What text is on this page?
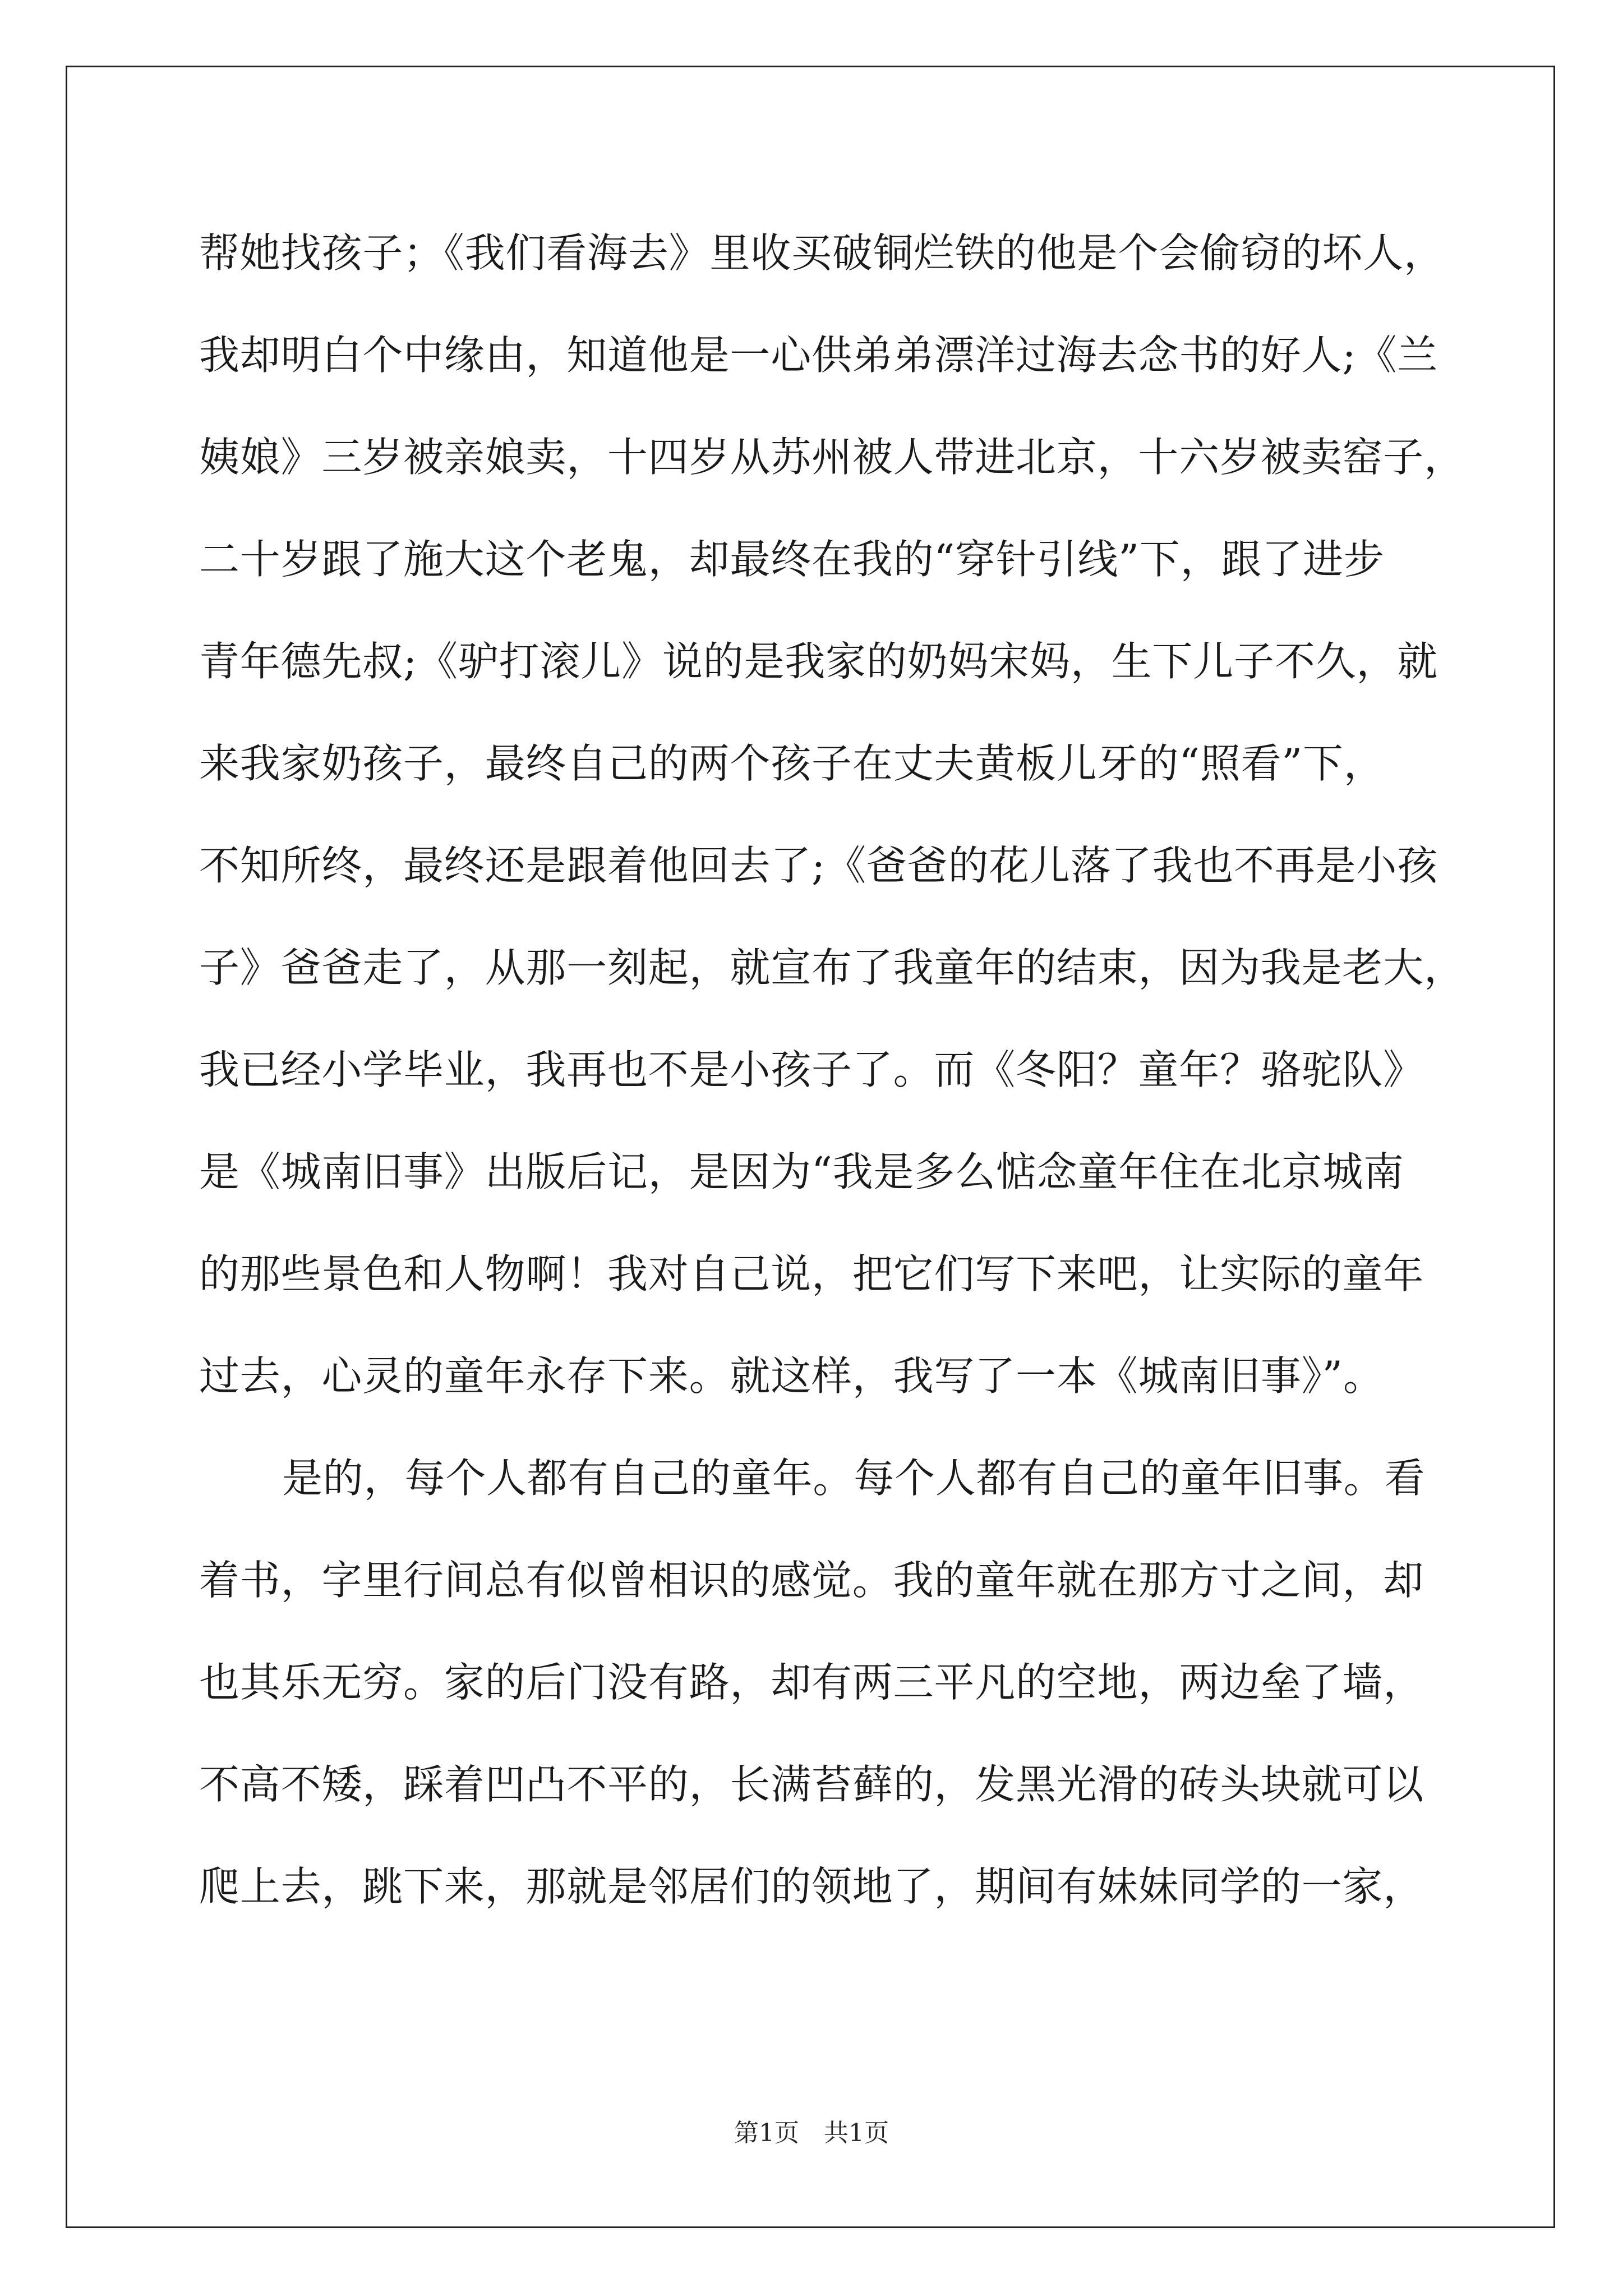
帮她找孩子；《我们看海去》里收买破铜烂铁的他是个会偷窃的坏人，
我却明白个中缘由，知道他是一心供弟弟漂洋过海去念书的好人;《兰
姨娘》三岁被亲娘卖，十四岁从苏州被人带进北京，十六岁被卖窑子，
二十岁跟了施大这个老鬼，却最终在我的“穿针引线”下，跟了进步
青年德先叔;《驴打滚儿》说的是我家的奶妈宋妈，生下儿子不久，就
来我家奶孩子，最终自己的两个孩子在丈夫黄板儿牙的“照看”下，
不知所终，最终还是跟着他回去了;《爸爸的花儿落了我也不再是小孩
子》爸爸走了，从那一刻起，就宣布了我童年的结束，因为我是老大，
我已经小学毕业，我再也不是小孩子了。而《冬阳？童年？骆驼队》
是《城南旧事》出版后记，是因为“我是多么惦念童年住在北京城南
的那些景色和人物啊！我对自己说，把它们写下来吧，让实际的童年
过去，心灵的童年永存下来。就这样，我写了一本《城南旧事》”。
是的，每个人都有自己的童年。每个人都有自己的童年旧事。看
着书，字里行间总有似曾相识的感觉。我的童年就在那方寸之间，却
也其乐无穷。家的后门没有路，却有两三平凡的空地，两边垒了墙，
不高不矮，踩着凹凸不平的，长满苔藓的，发黑光滑的砖头块就可以
爬上去，跳下来，那就是邻居们的领地了，期间有妹妹同学的一家，
第1页　共1页
